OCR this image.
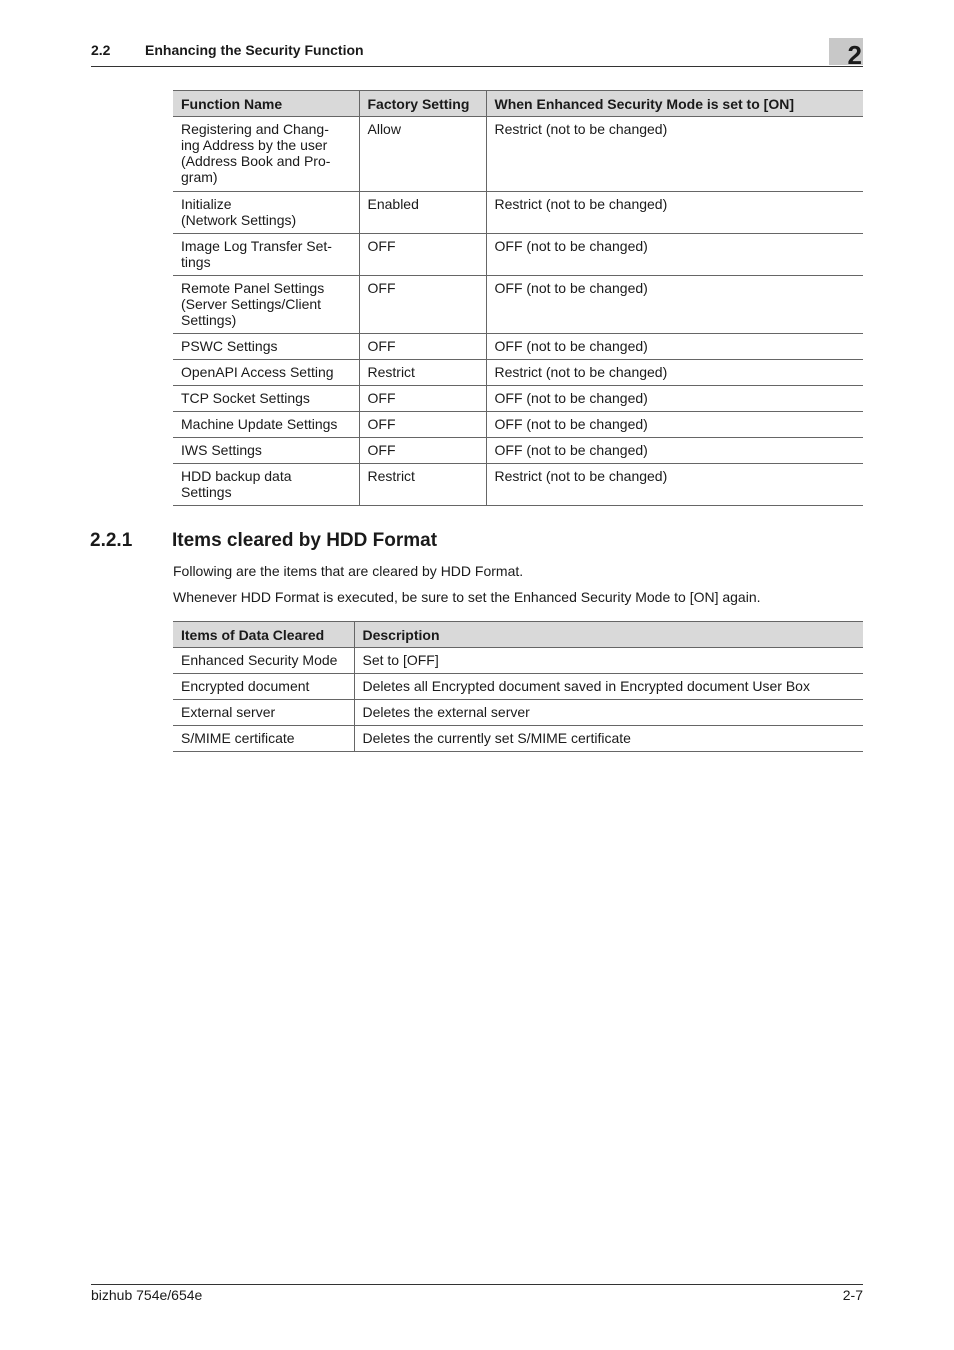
2.2 Enhancing the Security Function	2
Function Name	Factory Setting	When Enhanced Security Mode is set to [ON]
Registering and Chang-
ing Address by the user
(Address Book and Pro-
gram)	Allow	Restrict (not to be changed)
Initialize
(Network Settings)	Enabled	Restrict (not to be changed)
Image Log Transfer Set-
tings	OFF	OFF (not to be changed)
Remote Panel Settings
(Server Settings/Client
Settings)	OFF	OFF (not to be changed)
PSWC Settings	OFF	OFF (not to be changed)
OpenAPI Access Setting	Restrict	Restrict (not to be changed)
TCP Socket Settings	OFF	OFF (not to be changed)
Machine Update Settings	OFF	OFF (not to be changed)
IWS Settings	OFF	OFF (not to be changed)
HDD backup data
Settings	Restrict	Restrict (not to be changed)
2.2.1 Items cleared by HDD Format
Following are the items that are cleared by HDD Format.
Whenever HDD Format is executed, be sure to set the Enhanced Security Mode to [ON] again.
Items of Data Cleared	Description
Enhanced Security Mode	Set to [OFF]
Encrypted document	Deletes all Encrypted document saved in Encrypted document User Box
External server	Deletes the external server
S/MIME certificate	Deletes the currently set S/MIME certificate
bizhub 754e/654e	2-7
